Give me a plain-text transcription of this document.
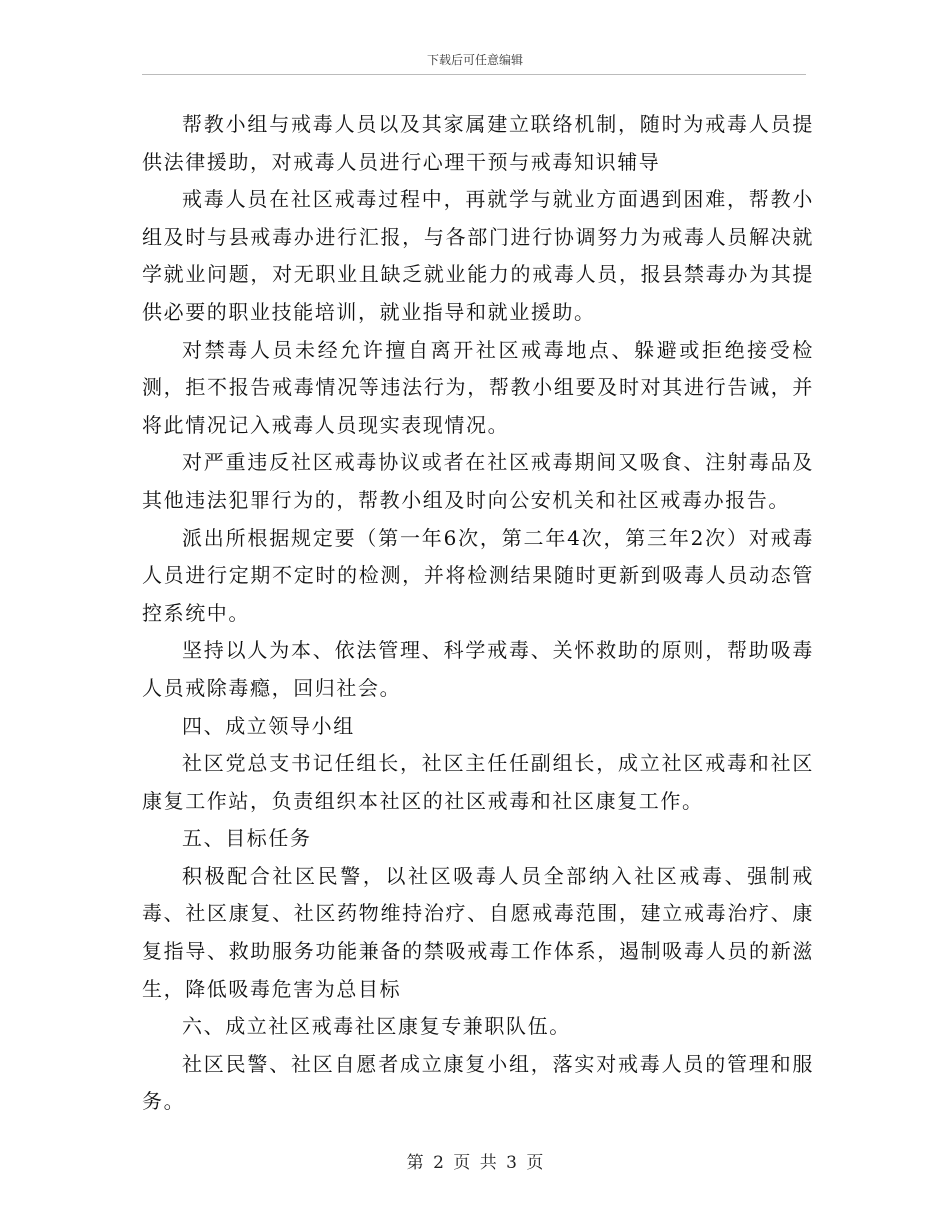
下载后可任意编辑

帮教小组与戒毒人员以及其家属建立联络机制，随时为戒毒人员提供法律援助，对戒毒人员进行心理干预与戒毒知识辅导

戒毒人员在社区戒毒过程中，再就学与就业方面遇到困难，帮教小组及时与县戒毒办进行汇报，与各部门进行协调努力为戒毒人员解决就学就业问题，对无职业且缺乏就业能力的戒毒人员，报县禁毒办为其提供必要的职业技能培训，就业指导和就业援助。

对禁毒人员未经允许擅自离开社区戒毒地点、躲避或拒绝接受检测，拒不报告戒毒情况等违法行为，帮教小组要及时对其进行告诫，并将此情况记入戒毒人员现实表现情况。

对严重违反社区戒毒协议或者在社区戒毒期间又吸食、注射毒品及其他违法犯罪行为的，帮教小组及时向公安机关和社区戒毒办报告。

派出所根据规定要（第一年6次，第二年4次，第三年2次）对戒毒人员进行定期不定时的检测，并将检测结果随时更新到吸毒人员动态管控系统中。

坚持以人为本、依法管理、科学戒毒、关怀救助的原则，帮助吸毒人员戒除毒瘾，回归社会。

四、成立领导小组

社区党总支书记任组长，社区主任任副组长，成立社区戒毒和社区康复工作站，负责组织本社区的社区戒毒和社区康复工作。

五、目标任务

积极配合社区民警，以社区吸毒人员全部纳入社区戒毒、强制戒毒、社区康复、社区药物维持治疗、自愿戒毒范围，建立戒毒治疗、康复指导、救助服务功能兼备的禁吸戒毒工作体系，遏制吸毒人员的新滋生，降低吸毒危害为总目标

六、成立社区戒毒社区康复专兼职队伍。

社区民警、社区自愿者成立康复小组，落实对戒毒人员的管理和服务。

第 2 页 共 3 页
